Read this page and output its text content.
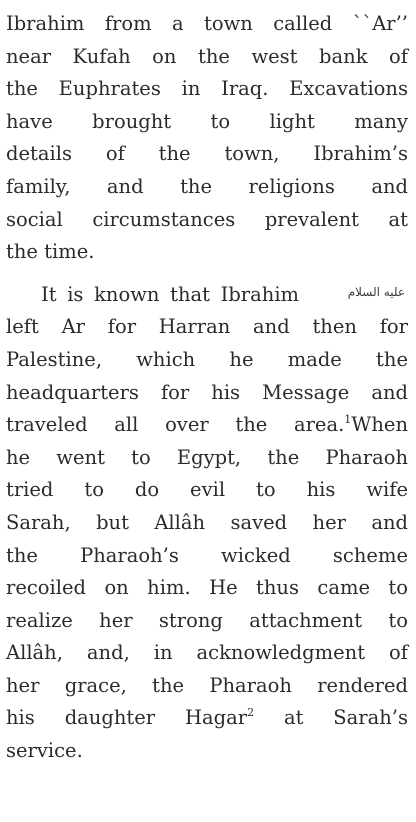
Ibrahim from a town called ``Ar’’
near Kufah on the west bank of
the Euphrates in Iraq. Excavations
have brought to light many
details of the town, Ibrahim’s
family, and the religions and
social circumstances prevalent at
the time.

It is known that Ibrahim	عليه السلام
left Ar for Harran and then for
Palestine, which he made the
headquarters for his Message and
traveled all over the area.$^1$When
he went to Egypt, the Pharaoh
tried to do evil to his wife
Sarah, but Allâh saved her and
the Pharaoh’s wicked scheme
recoiled on him. He thus came to
realize her strong attachment to
Allâh, and, in acknowledgment of
her grace, the Pharaoh rendered
his daughter Hagar$^2$ at Sarah’s
service.
